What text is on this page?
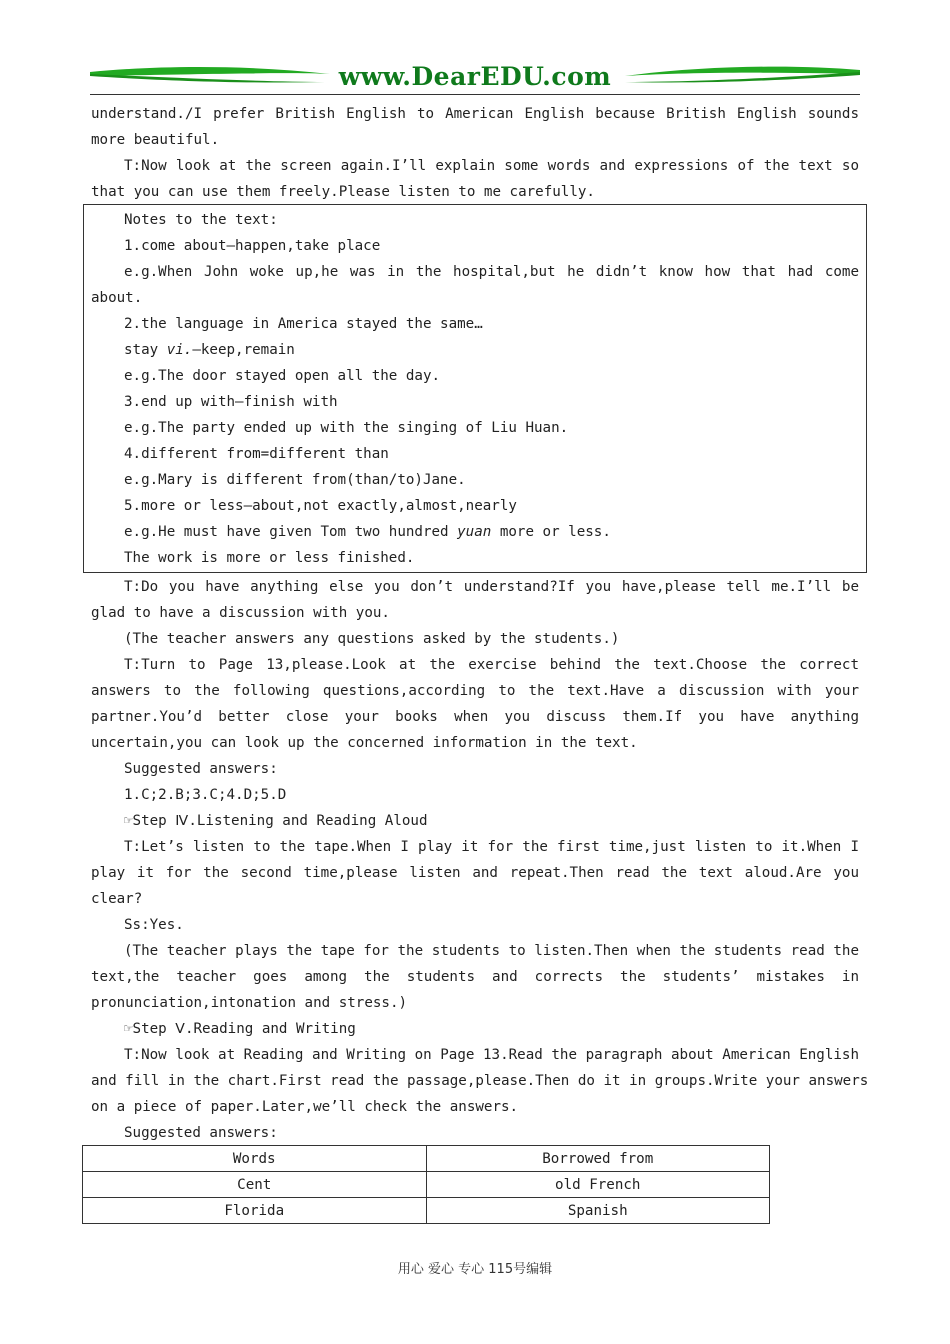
www.DearEDU.com
understand./I prefer British English to American English because British English sounds
more beautiful.
T:Now look at the screen again.I’ll explain some words and expressions of the text so
that you can use them freely.Please listen to me carefully.
Notes to the text:
1.come about—happen,take place
e.g.When John woke up,he was in the hospital,but he didn’t know how that had come
about.
2.the language in America stayed the same…
stay vi.—keep,remain
e.g.The door stayed open all the day.
3.end up with—finish with
e.g.The party ended up with the singing of Liu Huan.
4.different from=different than
e.g.Mary is different from(than/to)Jane.
5.more or less—about,not exactly,almost,nearly
e.g.He must have given Tom two hundred yuan more or less.
The work is more or less finished.
T:Do you have anything else you don’t understand?If you have,please tell me.I’ll be
glad to have a discussion with you.
(The teacher answers any questions asked by the students.)
T:Turn to Page 13,please.Look at the exercise behind the text.Choose the correct
answers to the following questions,according to the text.Have a discussion with your
partner.You’d better close your books when you discuss them.If you have anything
uncertain,you can look up the concerned information in the text.
Suggested answers:
1.C;2.B;3.C;4.D;5.D
☞Step Ⅳ.Listening and Reading Aloud
T:Let’s listen to the tape.When I play it for the first time,just listen to it.When I
play it for the second time,please listen and repeat.Then read the text aloud.Are you
clear?
Ss:Yes.
(The teacher plays the tape for the students to listen.Then when the students read the
text,the teacher goes among the students and corrects the students’ mistakes in
pronunciation,intonation and stress.)
☞Step Ⅴ.Reading and Writing
T:Now look at Reading and Writing on Page 13.Read the paragraph about American English
and fill in the chart.First read the passage,please.Then do it in groups.Write your answers
on a piece of paper.Later,we’ll check the answers.
Suggested answers:
Words	Borrowed from
Cent	old French
Florida	Spanish
用心 爱心 专心 115号编辑
